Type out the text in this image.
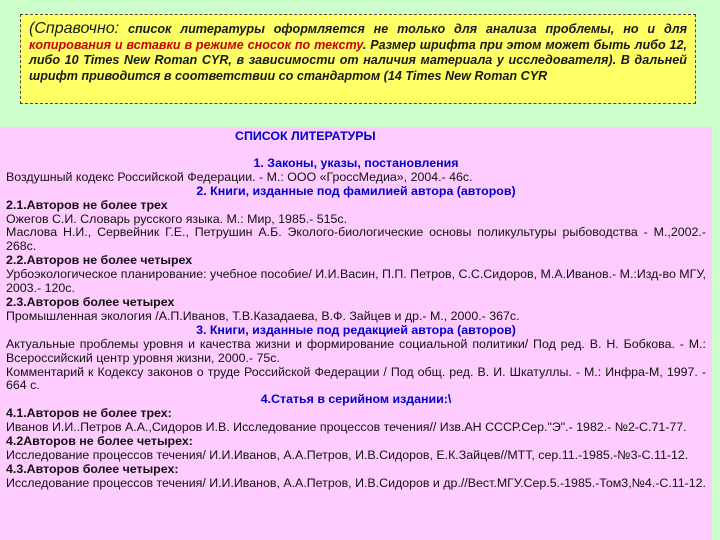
(Справочно: список литературы оформляется не только для анализа проблемы, но и для копирования и вставки в режиме сносок по тексту. Размер шрифта при этом может быть либо 12, либо 10 Times New Roman CYR, в зависимости от наличия материала у исследователя). В дальней шрифт приводится в соответствии со стандартом (14 Times New Roman CYR
СПИСОК ЛИТЕРАТУРЫ
1. Законы, указы, постановления
Воздушный кодекс Российской Федерации. - М.: ООО «ГроссМедиа», 2004.- 46с.
2. Книги, изданные под фамилией автора (авторов)
2.1.Авторов не более трех
Ожегов С.И. Словарь русского языка. М.: Мир, 1985.- 515с.
Маслова Н.И., Сервейник Г.Е., Петрушин А.Б. Эколого-биологические основы поликультуры рыбоводства - М.,2002.- 268с.
2.2.Авторов не более четырех
Урбоэкологическое планирование: учебное пособие/ И.И.Васин, П.П. Петров, С.С.Сидоров, М.А.Иванов.- М.:Изд-во МГУ, 2003.- 120с.
2.3.Авторов более четырех
Промышленная экология /А.П.Иванов, Т.В.Казадаева, В.Ф. Зайцев и др.- М., 2000.- 367с.
3. Книги, изданные под редакцией автора (авторов)
Актуальные проблемы уровня и качества жизни и формирование социальной политики/ Под ред. В. Н. Бобкова. - М.: Всероссийский центр уровня жизни, 2000.- 75с.
Комментарий к Кодексу законов о труде Российской Федерации / Под общ. ред. В. И. Шкатуллы. - М.: Инфра-М, 1997. - 664 с.
4.Статья в серийном издании:\
4.1.Авторов не более трех:
Иванов И.И..Петров А.А.,Сидоров И.В. Исследование процессов течения// Изв.АН СССР.Сер."Э".- 1982.- №2-С.71-77.
4.2Авторов не более четырех:
Исследование процессов течения/ И.И.Иванов, А.А.Петров, И.В.Сидоров, Е.К.Зайцев//МТТ, сер.11.-1985.-№3-С.11-12.
4.3.Авторов более четырех:
Исследование процессов течения/ И.И.Иванов, А.А.Петров, И.В.Сидоров и др.//Вест.МГУ.Сер.5.-1985.-Том3,№4.-С.11-12.
